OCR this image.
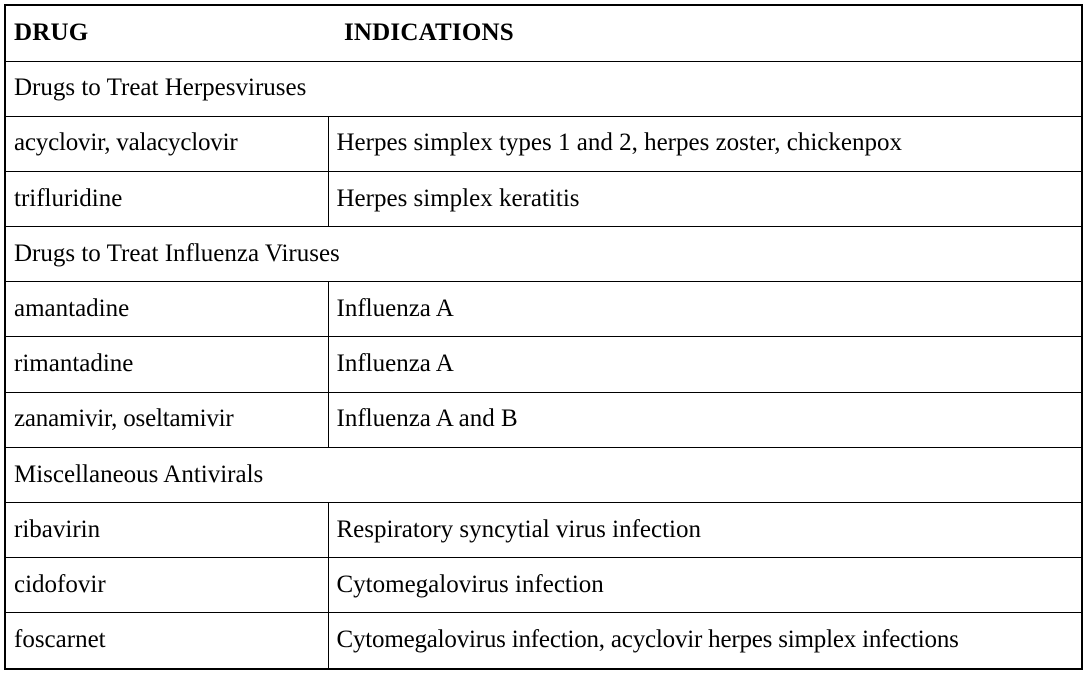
DRUG	INDICATIONS
Drugs to Treat Herpesviruses	
acyclovir, valacyclovir	Herpes simplex types 1 and 2, herpes zoster, chickenpox
trifluridine	Herpes simplex keratitis
Drugs to Treat Influenza Viruses	
amantadine	Influenza A
rimantadine	Influenza A
zanamivir, oseltamivir	Influenza A and B
Miscellaneous Antivirals	
ribavirin	Respiratory syncytial virus infection
cidofovir	Cytomegalovirus infection
foscarnet	Cytomegalovirus infection, acyclovir herpes simplex infections
